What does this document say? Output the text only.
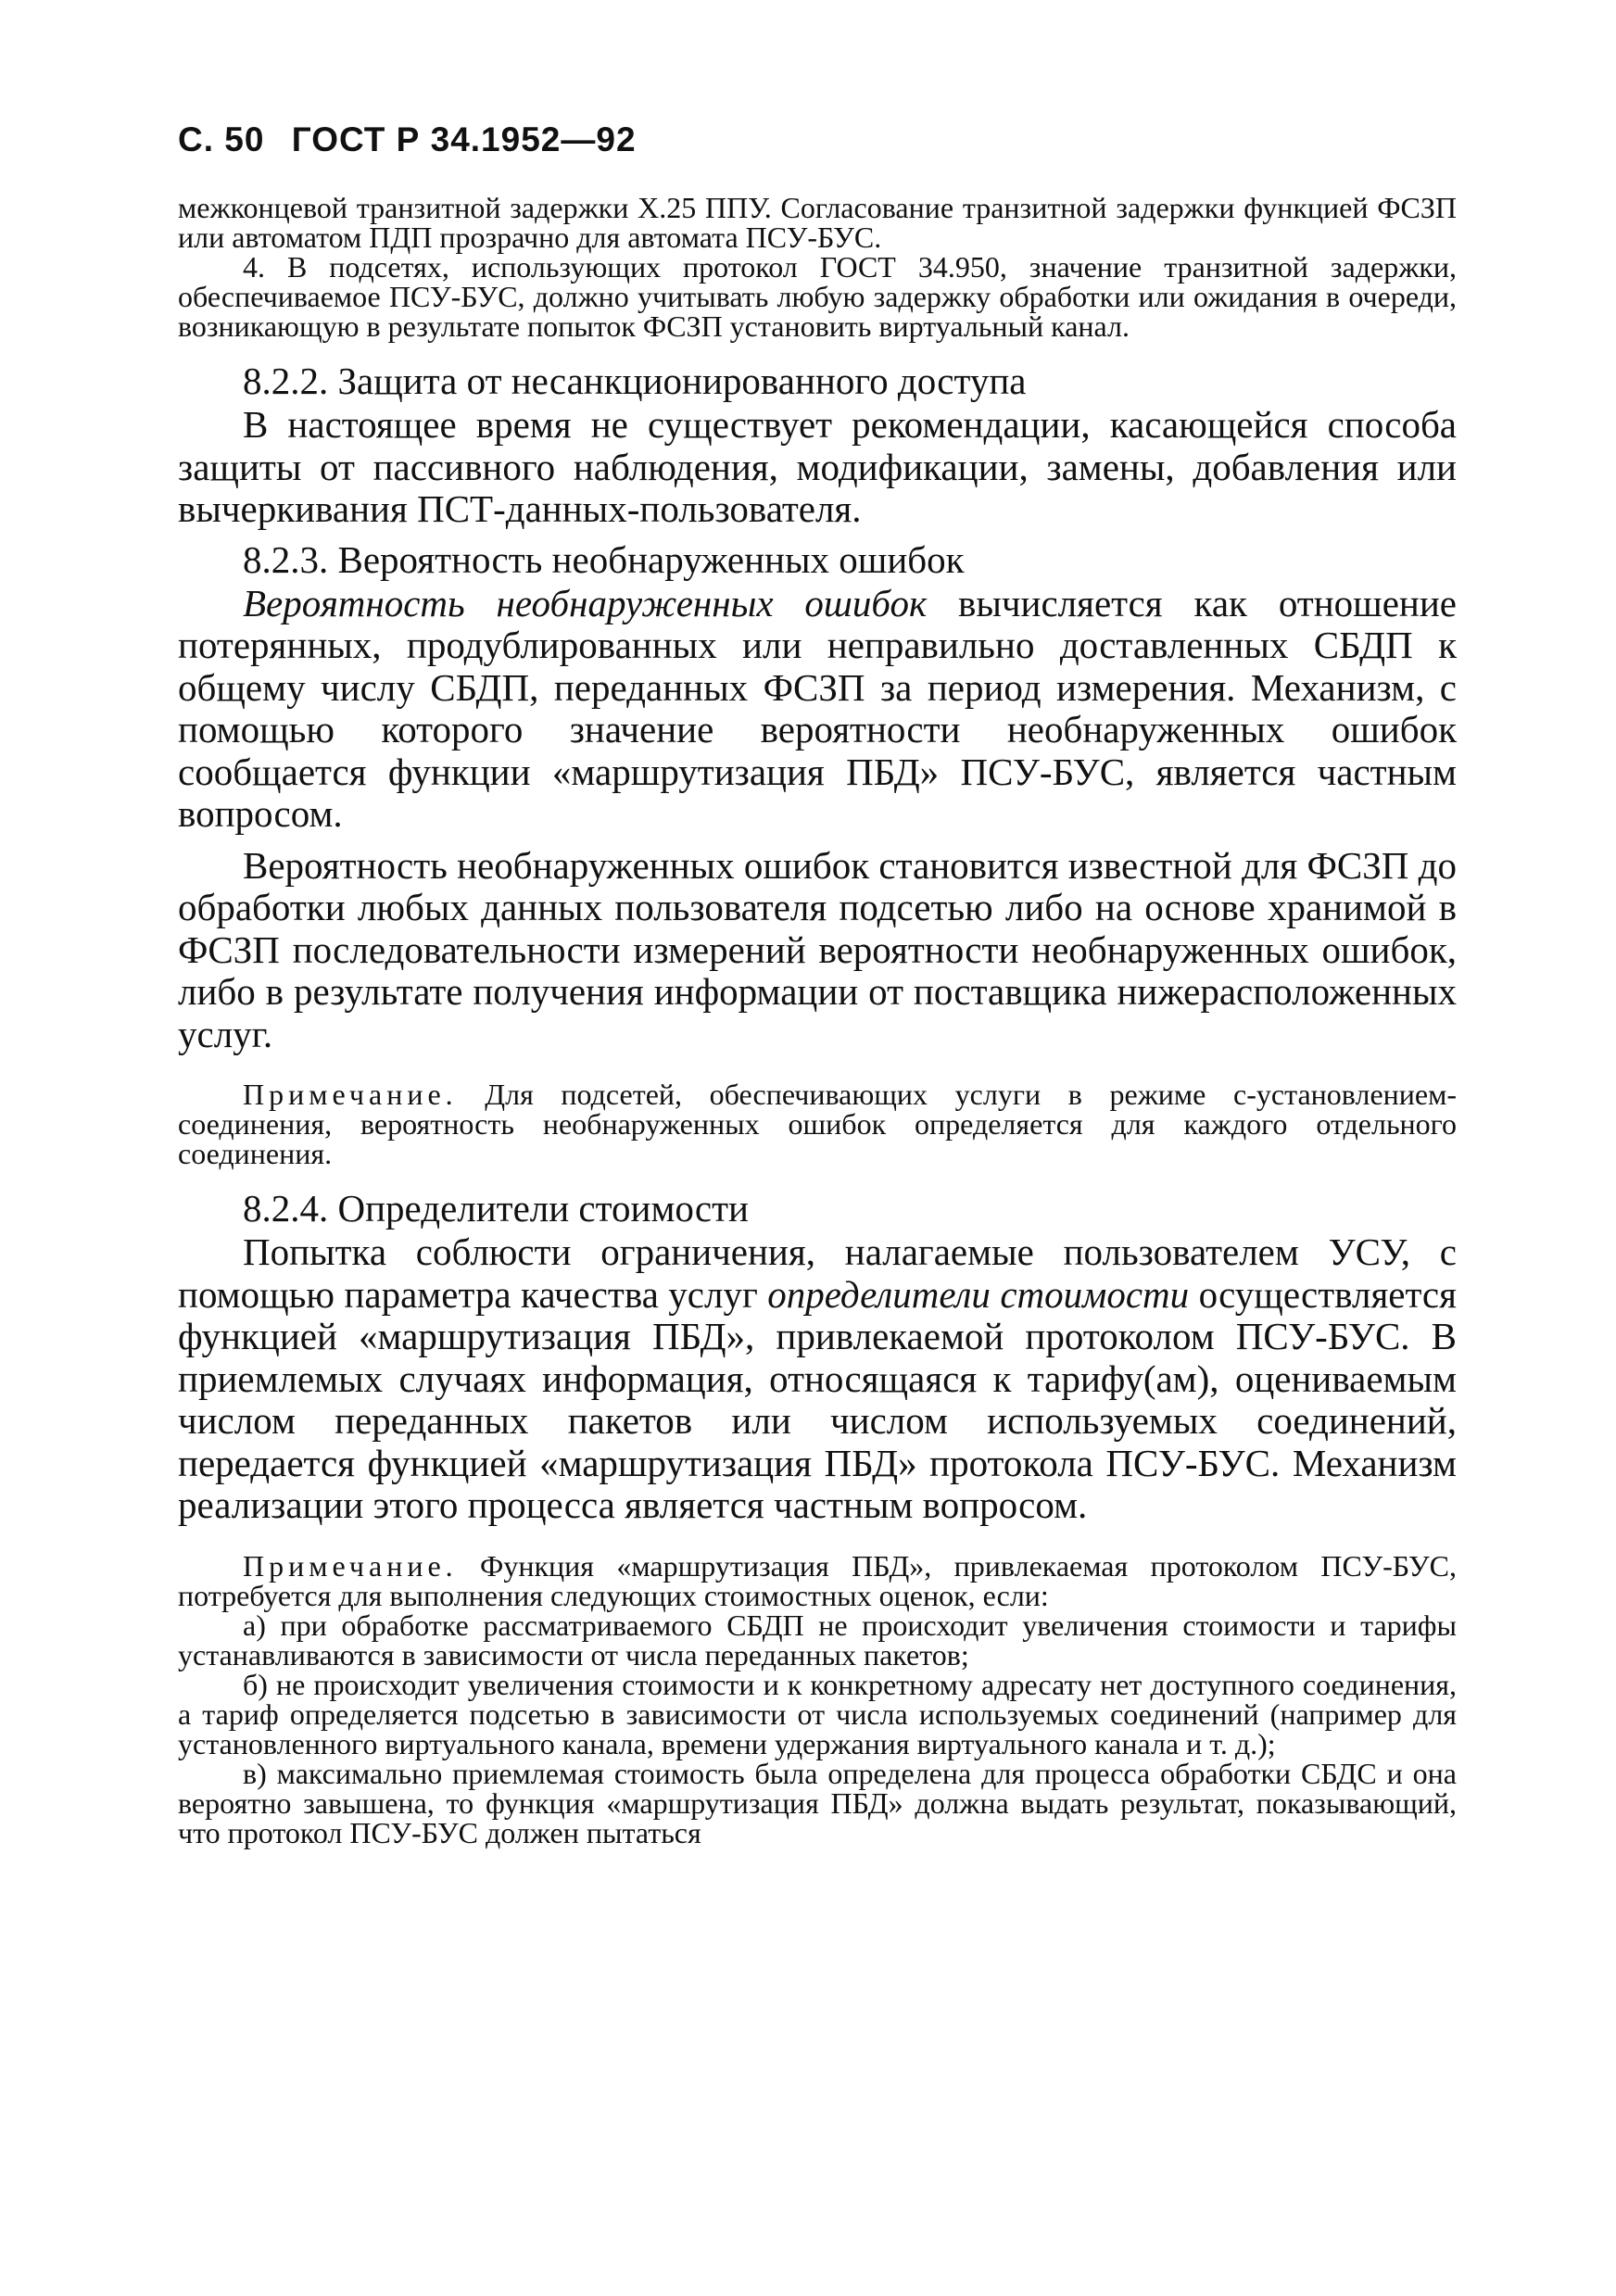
С. 50 ГОСТ Р 34.1952—92

межконцевой транзитной задержки X.25 ППУ. Согласование транзитной задержки функцией ФСЗП или автоматом ПДП прозрачно для автомата ПСУ-БУС.

4. В подсетях, использующих протокол ГОСТ 34.950, значение транзитной задержки, обеспечиваемое ПСУ-БУС, должно учитывать любую задержку обработки или ожидания в очереди, возникающую в результате попыток ФСЗП установить виртуальный канал.

8.2.2. Защита от несанкционированного доступа

В настоящее время не существует рекомендации, касающейся способа защиты от пассивного наблюдения, модификации, замены, добавления или вычеркивания ПСТ-данных-пользователя.

8.2.3. Вероятность необнаруженных ошибок

Вероятность необнаруженных ошибок вычисляется как отношение потерянных, продублированных или неправильно доставленных СБДП к общему числу СБДП, переданных ФСЗП за период измерения. Механизм, с помощью которого значение вероятности необнаруженных ошибок сообщается функции «маршрутизация ПБД» ПСУ-БУС, является частным вопросом.

Вероятность необнаруженных ошибок становится известной для ФСЗП до обработки любых данных пользователя подсетью либо на основе хранимой в ФСЗП последовательности измерений вероятности необнаруженных ошибок, либо в результате получения информации от поставщика нижерасположенных услуг.

Примечание. Для подсетей, обеспечивающих услуги в режиме с-установлением-соединения, вероятность необнаруженных ошибок определяется для каждого отдельного соединения.

8.2.4. Определители стоимости

Попытка соблюсти ограничения, налагаемые пользователем УСУ, с помощью параметра качества услуг определители стоимости осуществляется функцией «маршрутизация ПБД», привлекаемой протоколом ПСУ-БУС. В приемлемых случаях информация, относящаяся к тарифу(ам), оцениваемым числом переданных пакетов или числом используемых соединений, передается функцией «маршрутизация ПБД» протокола ПСУ-БУС. Механизм реализации этого процесса является частным вопросом.

Примечание. Функция «маршрутизация ПБД», привлекаемая протоколом ПСУ-БУС, потребуется для выполнения следующих стоимостных оценок, если:

а) при обработке рассматриваемого СБДП не происходит увеличения стоимости и тарифы устанавливаются в зависимости от числа переданных пакетов;

б) не происходит увеличения стоимости и к конкретному адресату нет доступного соединения, а тариф определяется подсетью в зависимости от числа используемых соединений (например для установленного виртуального канала, времени удержания виртуального канала и т. д.);

в) максимально приемлемая стоимость была определена для процесса обработки СБДС и она вероятно завышена, то функция «маршрутизация ПБД» должна выдать результат, показывающий, что протокол ПСУ-БУС должен пытаться
